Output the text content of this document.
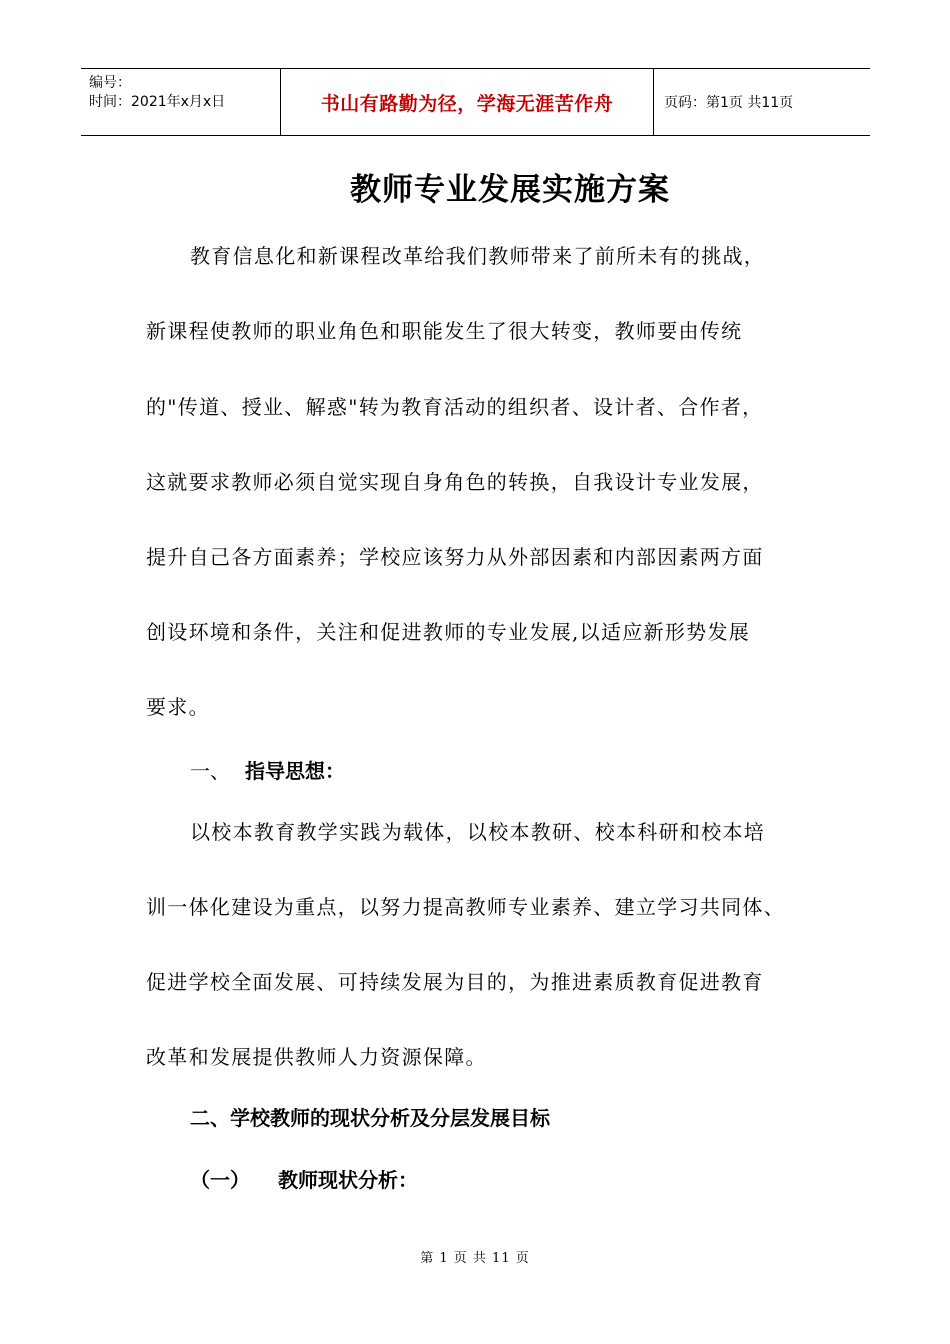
编号：
时间：2021年x月x日	书山有路勤为径，学海无涯苦作舟	页码：第1页 共11页
教师专业发展实施方案
教育信息化和新课程改革给我们教师带来了前所未有的挑战，
新课程使教师的职业角色和职能发生了很大转变，教师要由传统
的"传道、授业、解惑"转为教育活动的组织者、设计者、合作者，
这就要求教师必须自觉实现自身角色的转换，自我设计专业发展，
提升自己各方面素养；学校应该努力从外部因素和内部因素两方面
创设环境和条件，关注和促进教师的专业发展,以适应新形势发展
要求。
一、 指导思想：
以校本教育教学实践为载体，以校本教研、校本科研和校本培
训一体化建设为重点，以努力提高教师专业素养、建立学习共同体、
促进学校全面发展、可持续发展为目的，为推进素质教育促进教育
改革和发展提供教师人力资源保障。
二、学校教师的现状分析及分层发展目标
（一） 教师现状分析：
第 1 页 共 11 页
